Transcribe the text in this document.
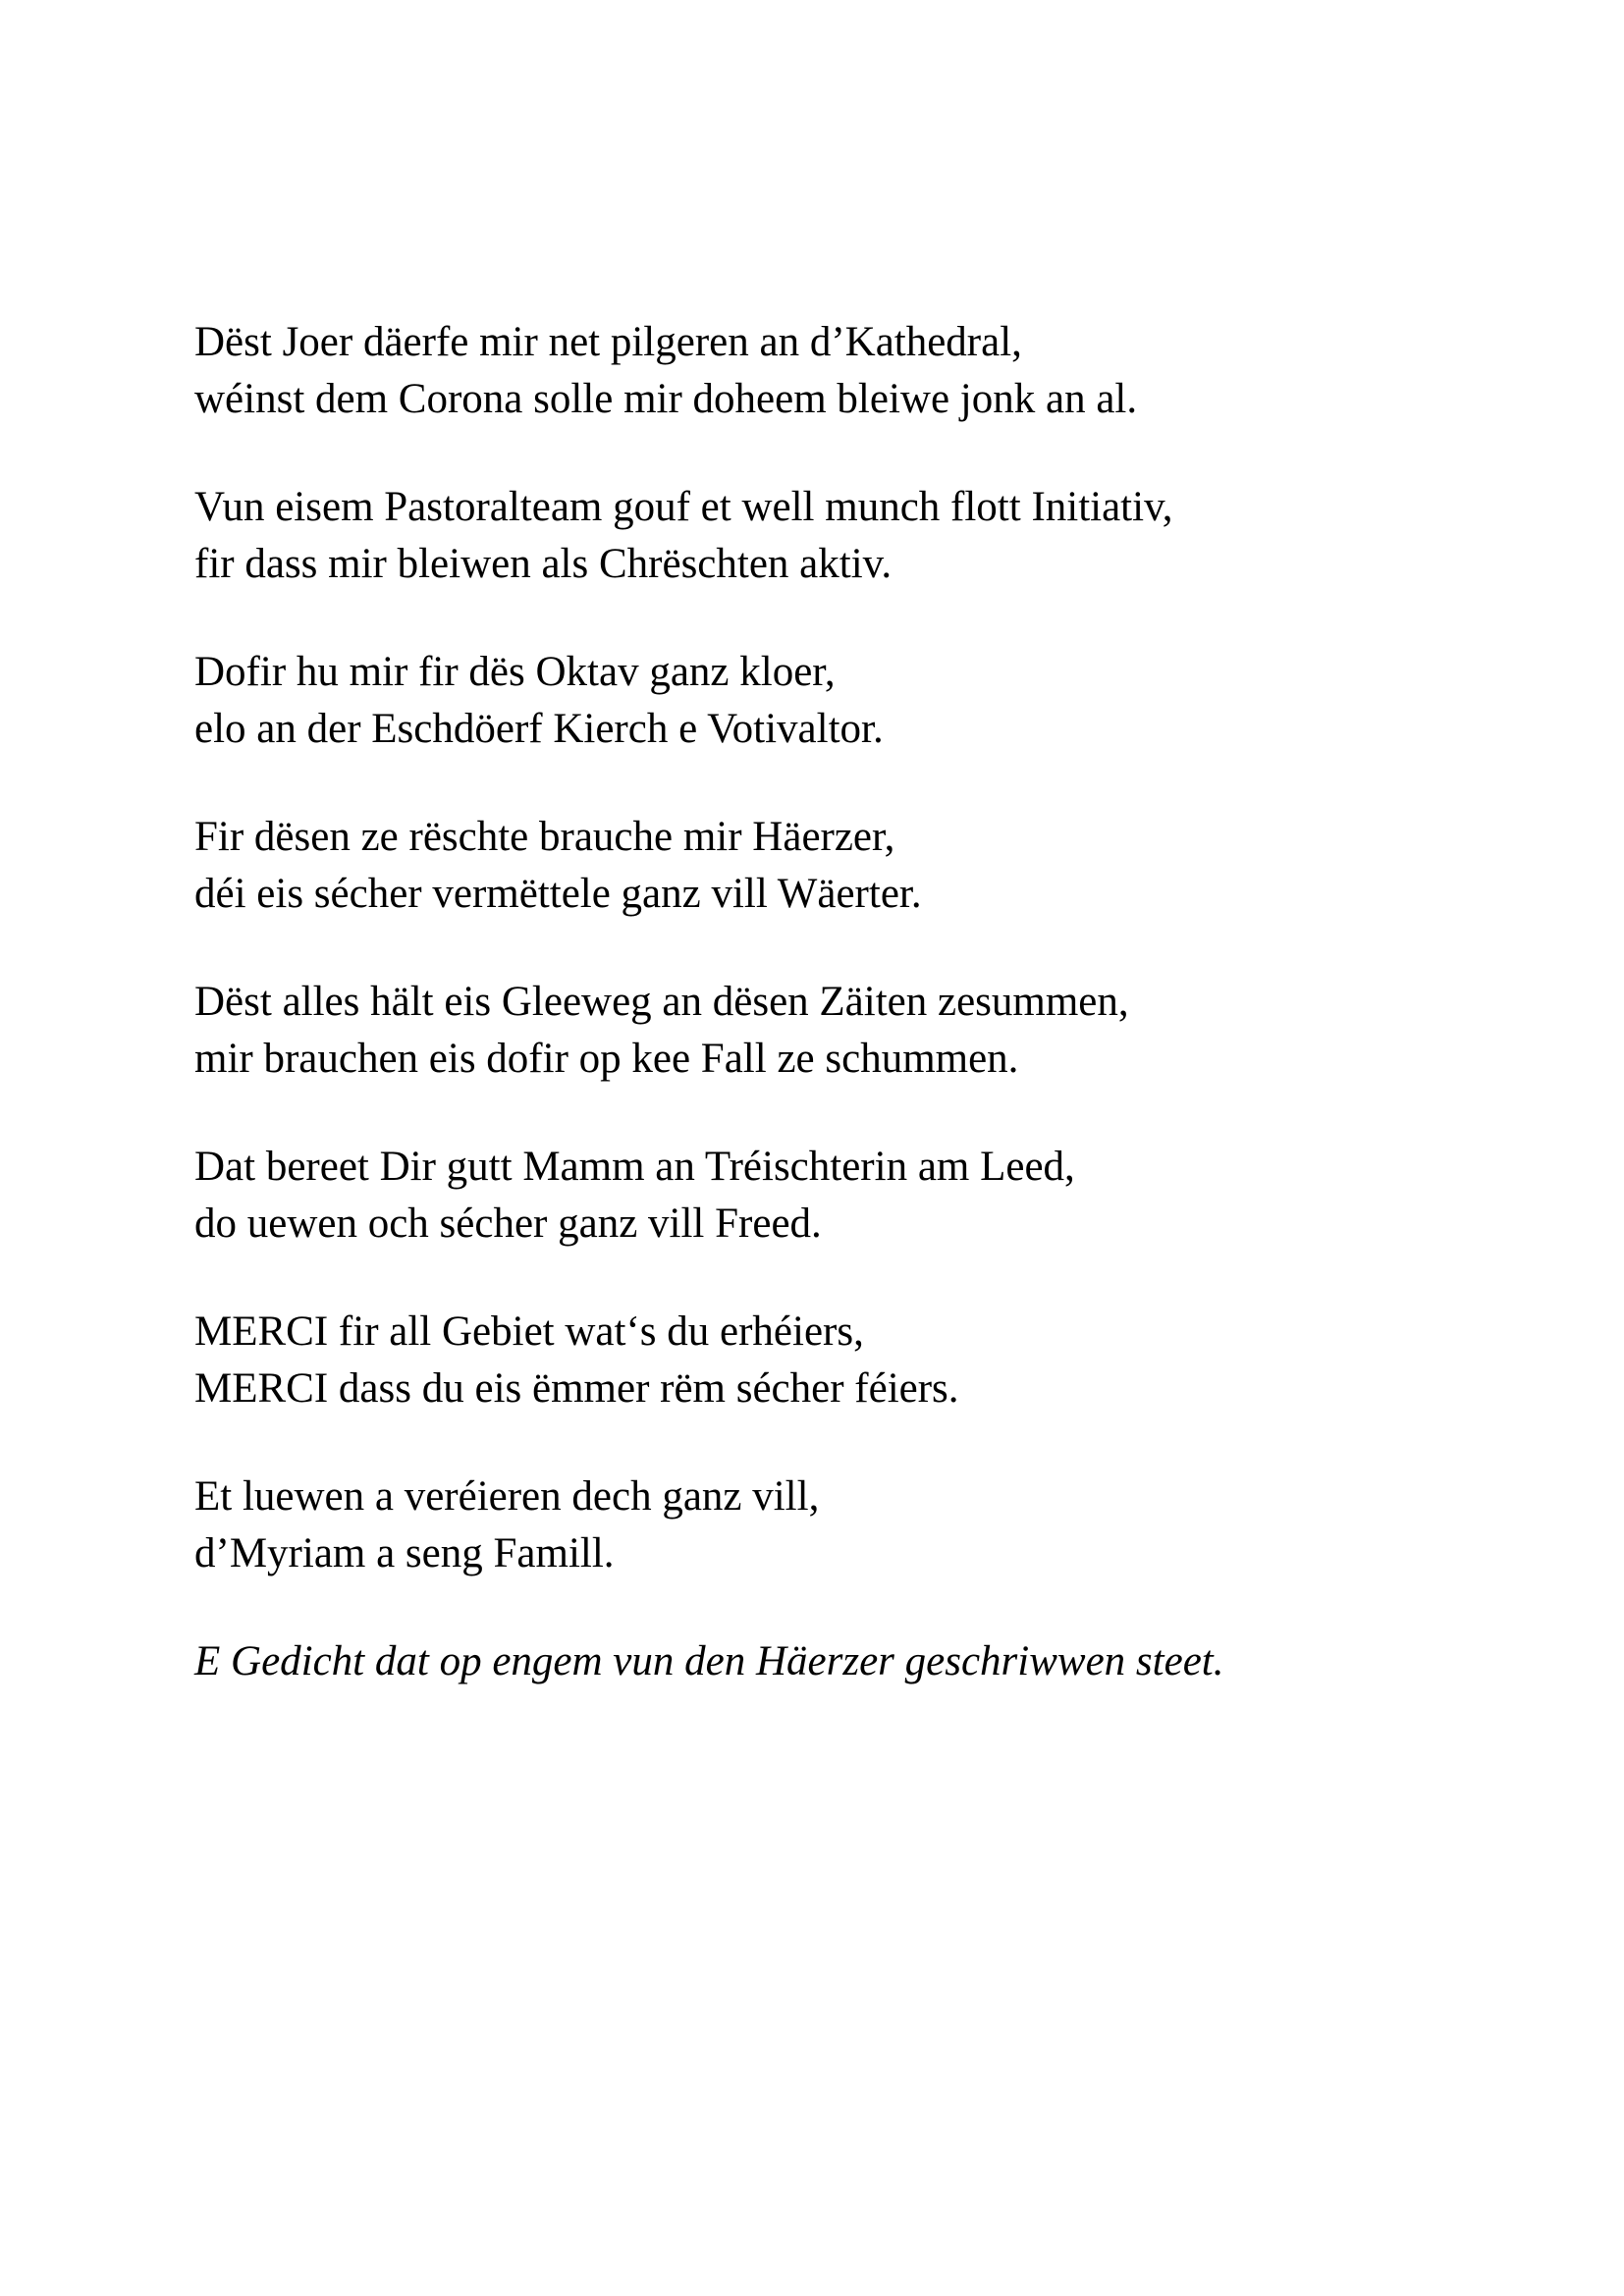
Dëst Joer däerfe mir net pilgeren an d’Kathedral,
wéinst dem Corona solle mir doheem bleiwe jonk an al.
Vun eisem Pastoralteam gouf et well munch flott Initiativ,
fir dass mir bleiwen als Chrëschten aktiv.
Dofir hu mir fir dës Oktav ganz kloer,
elo an der Eschdöerf Kierch e Votivaltor.
Fir dësen ze rëschte brauche mir Häerzer,
déi eis sécher vermëttele ganz vill Wäerter.
Dëst alles hält eis Gleeweg an dësen Zäiten zesummen,
mir brauchen eis dofir op kee Fall ze schummen.
Dat bereet Dir gutt Mamm an Tréischterin am Leed,
do uewen och sécher ganz vill Freed.
MERCI fir all Gebiet wat‘s du erhéiers,
MERCI dass du eis ëmmer rëm sécher féiers.
Et luewen a veréieren dech ganz vill,
d’Myriam a seng Famill.
E Gedicht dat op engem vun den Häerzer geschriwwen steet.
